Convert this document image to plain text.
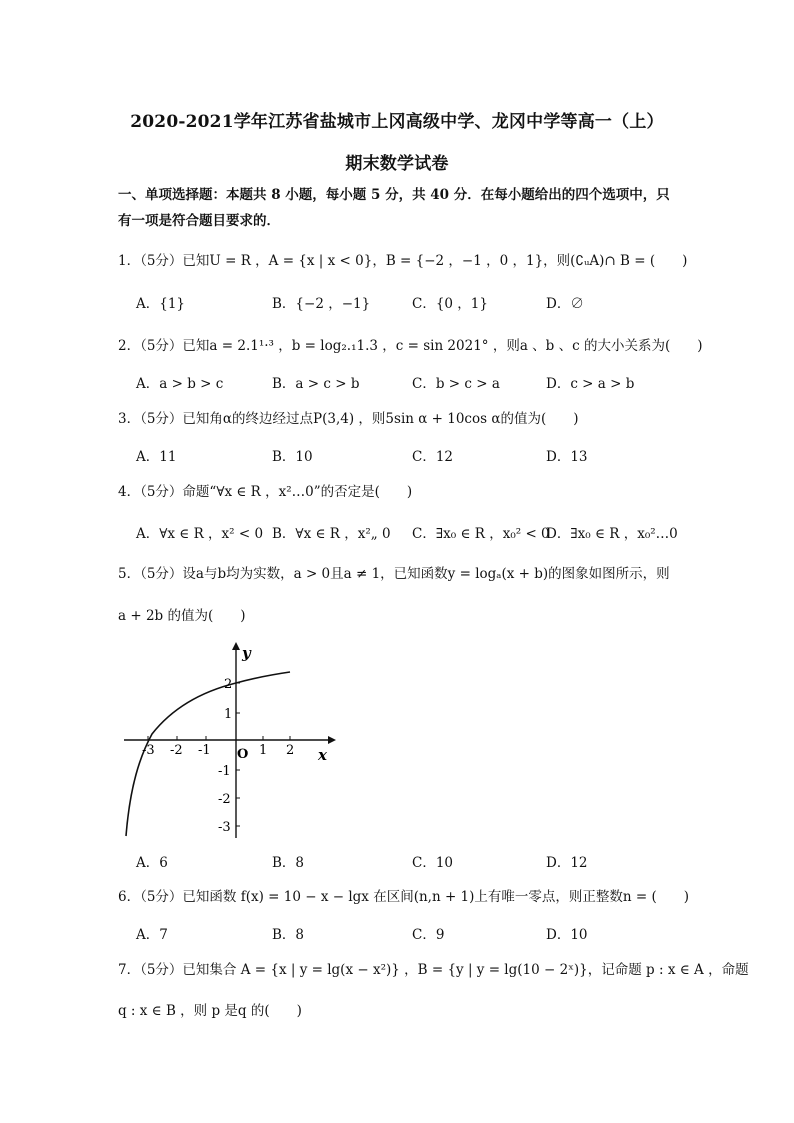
2020-2021学年江苏省盐城市上冈高级中学、龙冈中学等高一（上）
期末数学试卷
一、单项选择题：本题共 8 小题，每小题 5 分，共 40 分．在每小题给出的四个选项中，只
有一项是符合题目要求的．
1．（5分）已知U = R ，A = {x | x < 0}，B = {−2 ，−1 ，0 ，1}，则(∁ᵤA)∩ B = (　　)
A．{1}	B．{−2 ，−1}	C．{0 ，1}	D．∅
2．（5分）已知a = 2.1¹·³ ，b = log₂.₁1.3 ，c = sin 2021° ，则a 、b 、c 的大小关系为(　　)
A．a > b > c	B．a > c > b	C．b > c > a	D．c > a > b
3．（5分）已知角α的终边经过点P(3,4) ，则5sin α + 10cos α的值为(　　)
A．11	B．10	C．12	D．13
4．（5分）命题“∀x ∈ R ，x²…0”的否定是(　　)
A．∀x ∈ R ，x² < 0 B．∀x ∈ R ，x²„ 0 C．∃x₀ ∈ R ，x₀² < 0
D．∃x₀ ∈ R ，x₀²…0
5．（5分）设a与b均为实数，a > 0且a ≠ 1，已知函数y = logₐ(x + b)的图象如图所示，则
a + 2b 的值为(　　)
y
x
O
-3 -2 -1	1 2
2
1
-1
-2
-3
A．6	B．8	C．10	D．12
6．（5分）已知函数 f(x) = 10 − x − lgx 在区间(n,n + 1)上有唯一零点，则正整数n = (　　)
A．7	B．8	C．9	D．10
7．（5分）已知集合 A = {x | y = lg(x − x²)} ，B = {y | y = lg(10 − 2ˣ)}，记命题 p : x ∈ A ，命题
q : x ∈ B ，则 p 是q 的(　　)
